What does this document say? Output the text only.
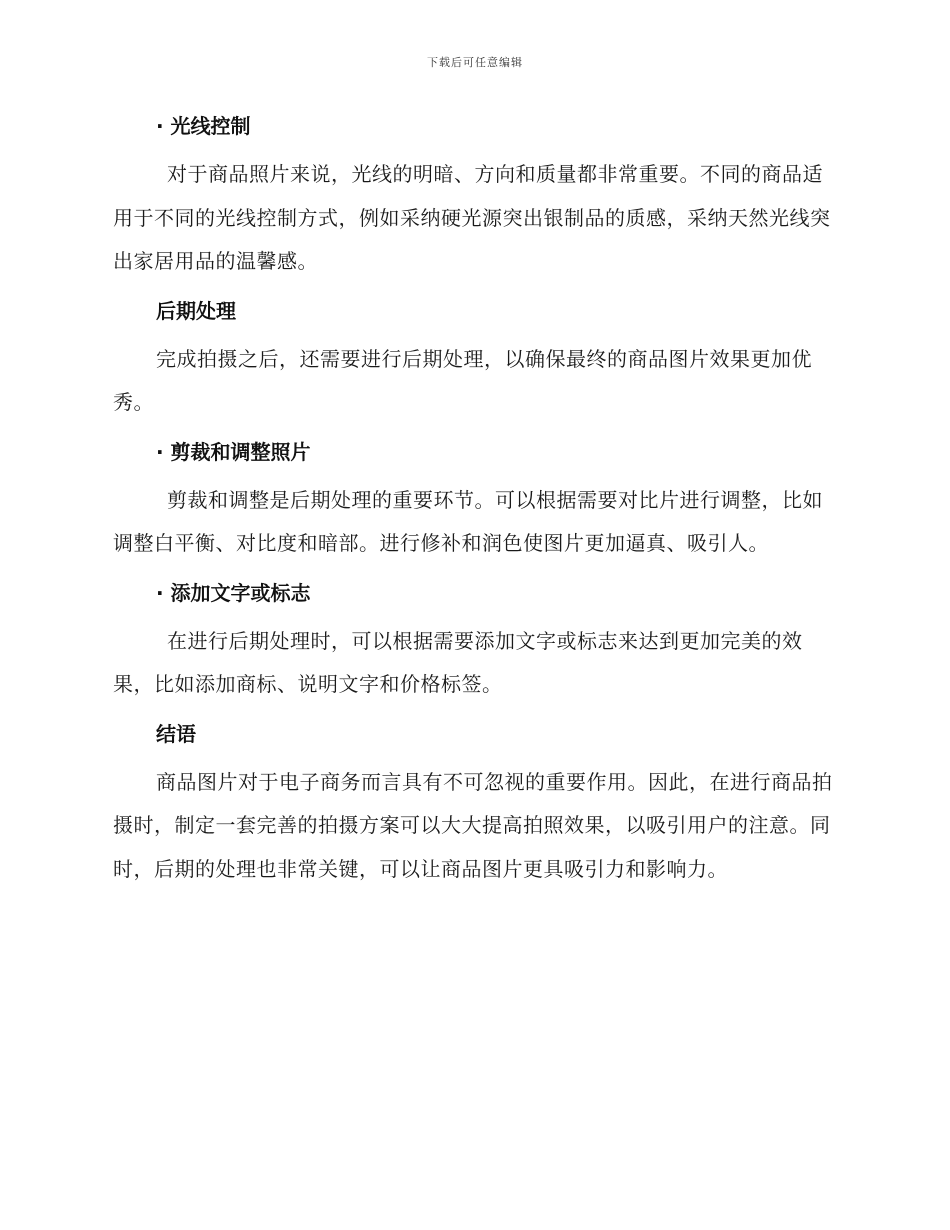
下载后可任意编辑
· 光线控制

对于商品照片来说，光线的明暗、方向和质量都非常重要。不同的商品适用于不同的光线控制方式，例如采纳硬光源突出银制品的质感，采纳天然光线突出家居用品的温馨感。

后期处理

完成拍摄之后，还需要进行后期处理，以确保最终的商品图片效果更加优秀。

· 剪裁和调整照片

剪裁和调整是后期处理的重要环节。可以根据需要对比片进行调整，比如调整白平衡、对比度和暗部。进行修补和润色使图片更加逼真、吸引人。

· 添加文字或标志

在进行后期处理时，可以根据需要添加文字或标志来达到更加完美的效果，比如添加商标、说明文字和价格标签。

结语

商品图片对于电子商务而言具有不可忽视的重要作用。因此，在进行商品拍摄时，制定一套完善的拍摄方案可以大大提高拍照效果，以吸引用户的注意。同时，后期的处理也非常关键，可以让商品图片更具吸引力和影响力。
